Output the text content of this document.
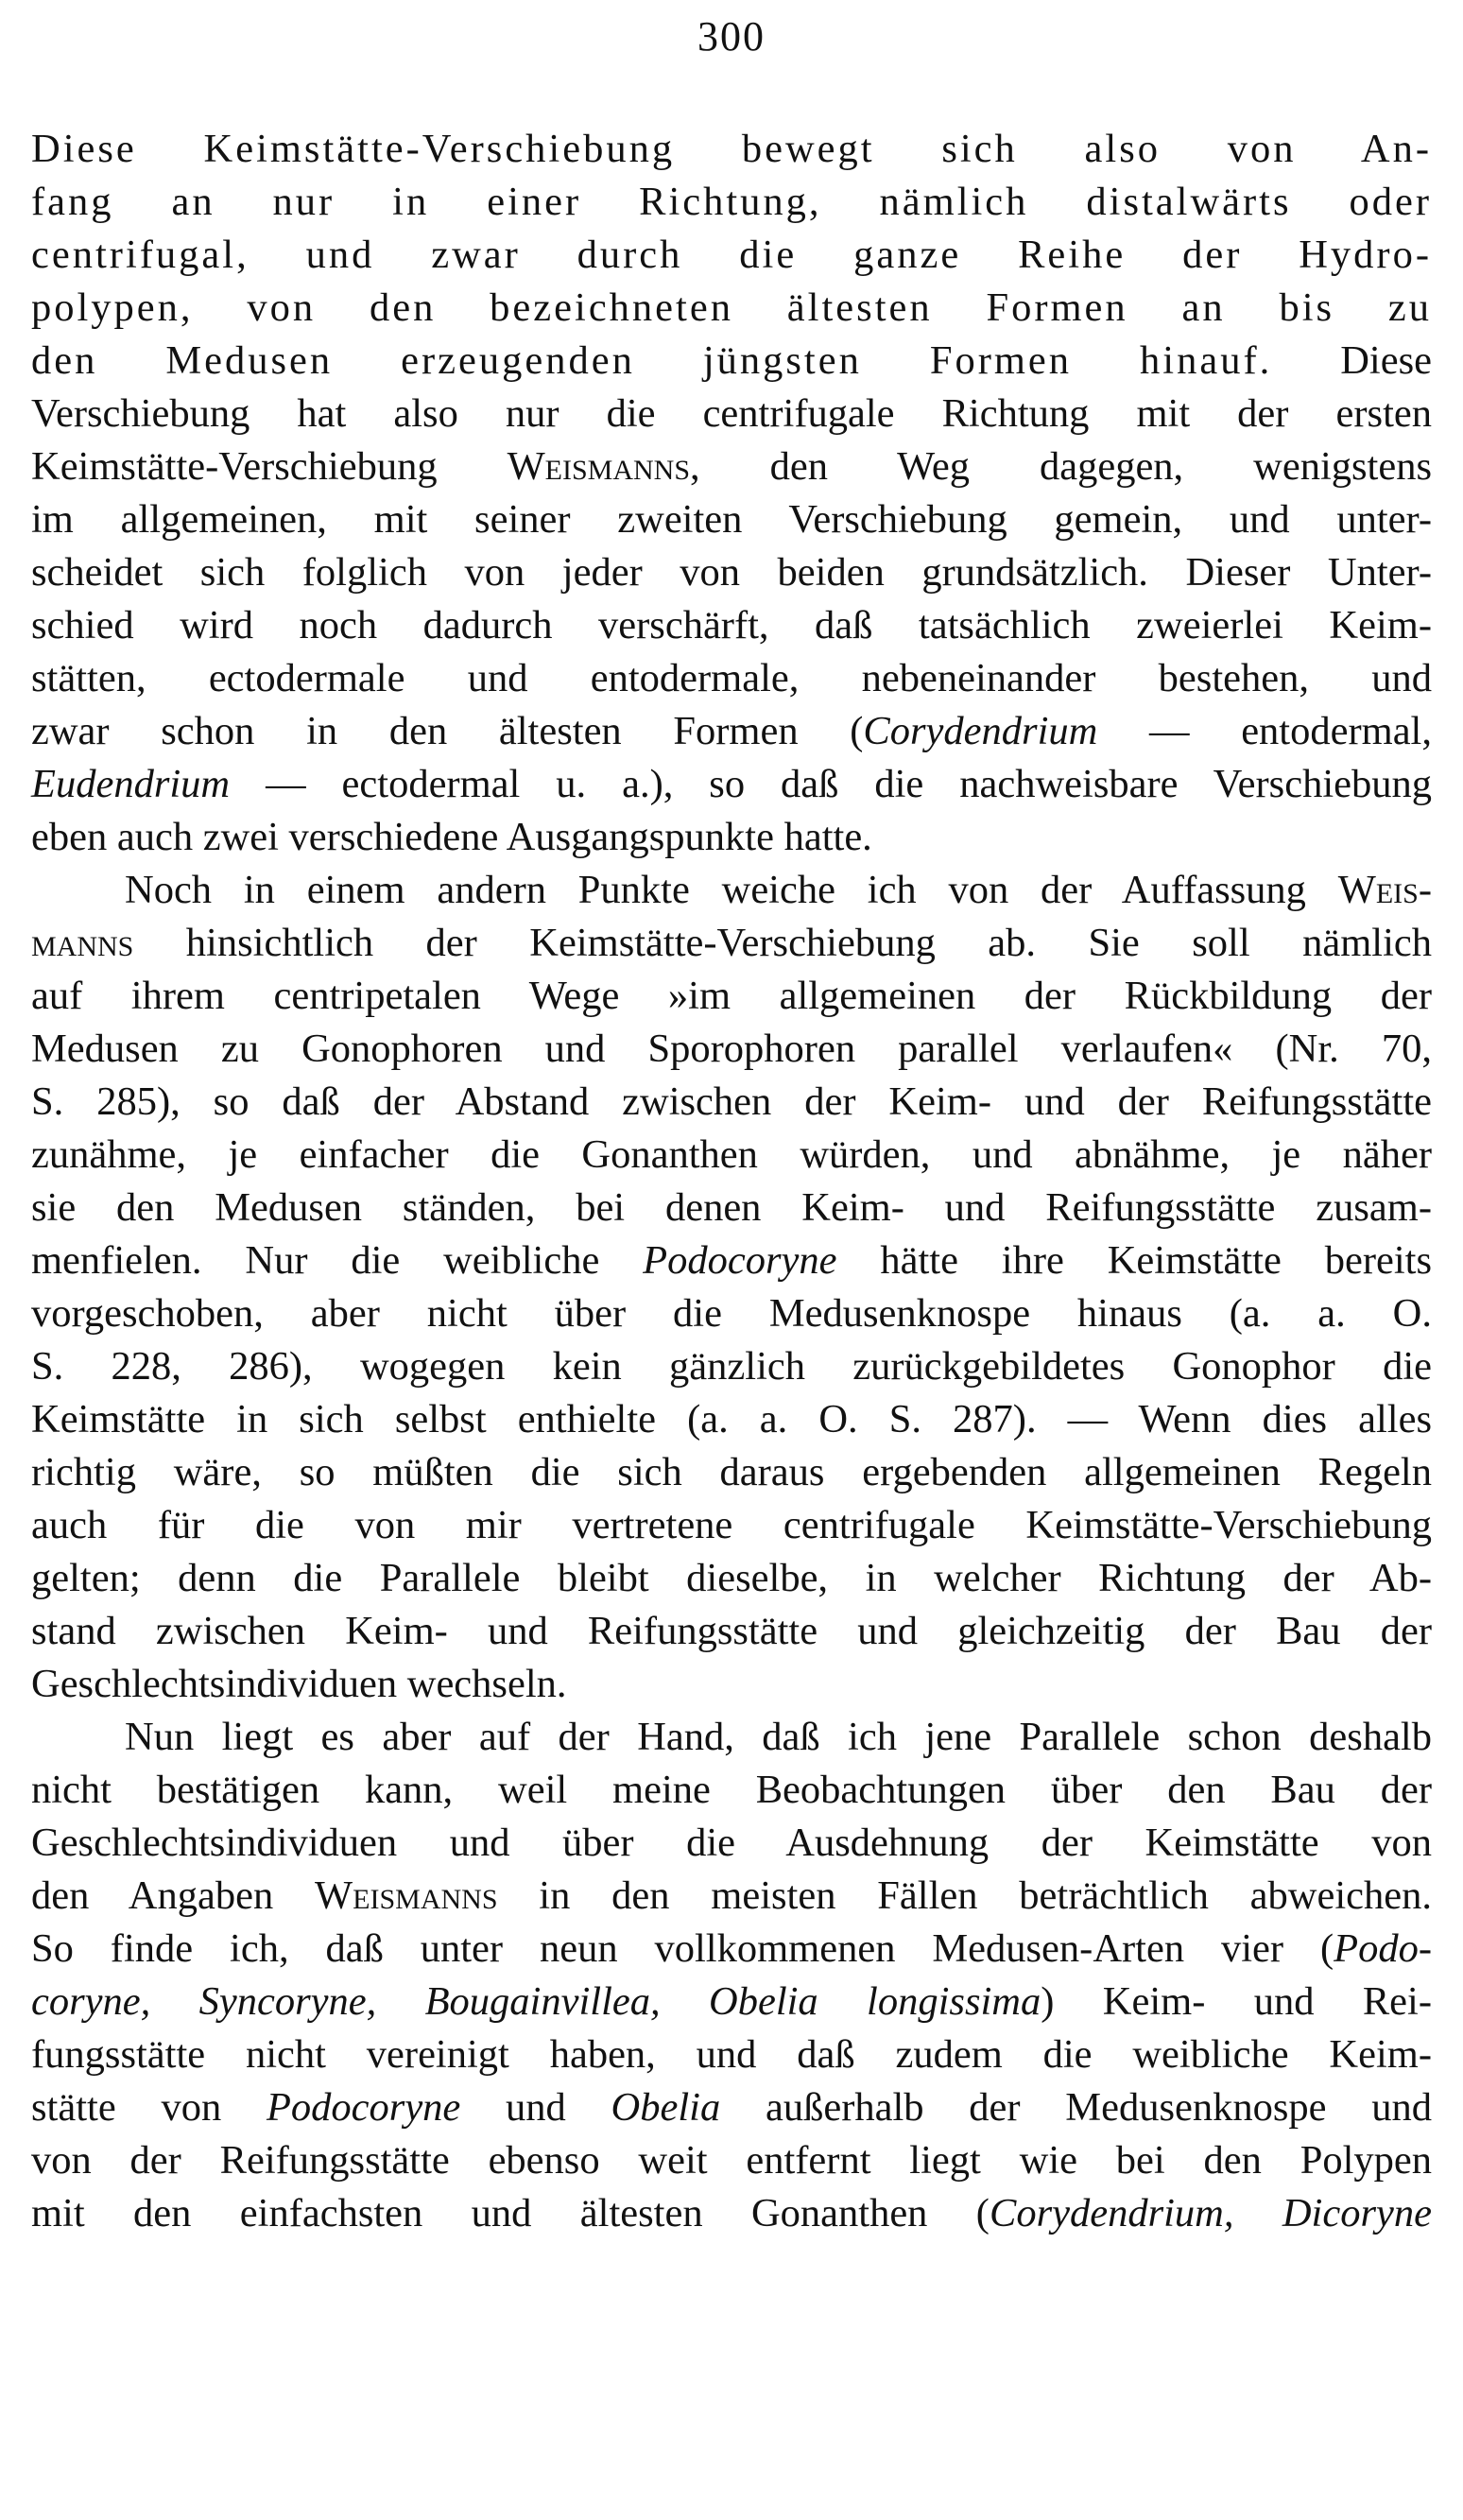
300
Diese Keimstätte-Verschiebung bewegt sich also von An-
fang an nur in einer Richtung, nämlich distalwärts oder
centrifugal, und zwar durch die ganze Reihe der Hydro-
polypen, von den bezeichneten ältesten Formen an bis zu
den Medusen erzeugenden jüngsten Formen hinauf. Diese
Verschiebung hat also nur die centrifugale Richtung mit der ersten
Keimstätte-Verschiebung Weismanns, den Weg dagegen, wenigstens
im allgemeinen, mit seiner zweiten Verschiebung gemein, und unter-
scheidet sich folglich von jeder von beiden grundsätzlich. Dieser Unter-
schied wird noch dadurch verschärft, daß tatsächlich zweierlei Keim-
stätten, ectodermale und entodermale, nebeneinander bestehen, und
zwar schon in den ältesten Formen (Corydendrium — entodermal,
Eudendrium — ectodermal u. a.), so daß die nachweisbare Verschiebung
eben auch zwei verschiedene Ausgangspunkte hatte.
Noch in einem andern Punkte weiche ich von der Auffassung Weis-
manns hinsichtlich der Keimstätte-Verschiebung ab. Sie soll nämlich
auf ihrem centripetalen Wege »im allgemeinen der Rückbildung der
Medusen zu Gonophoren und Sporophoren parallel verlaufen« (Nr. 70,
S. 285), so daß der Abstand zwischen der Keim- und der Reifungsstätte
zunähme, je einfacher die Gonanthen würden, und abnähme, je näher
sie den Medusen ständen, bei denen Keim- und Reifungsstätte zusam-
menfielen. Nur die weibliche Podocoryne hätte ihre Keimstätte bereits
vorgeschoben, aber nicht über die Medusenknospe hinaus (a. a. O.
S. 228, 286), wogegen kein gänzlich zurückgebildetes Gonophor die
Keimstätte in sich selbst enthielte (a. a. O. S. 287). — Wenn dies alles
richtig wäre, so müßten die sich daraus ergebenden allgemeinen Regeln
auch für die von mir vertretene centrifugale Keimstätte-Verschiebung
gelten; denn die Parallele bleibt dieselbe, in welcher Richtung der Ab-
stand zwischen Keim- und Reifungsstätte und gleichzeitig der Bau der
Geschlechtsindividuen wechseln.
Nun liegt es aber auf der Hand, daß ich jene Parallele schon deshalb
nicht bestätigen kann, weil meine Beobachtungen über den Bau der
Geschlechtsindividuen und über die Ausdehnung der Keimstätte von
den Angaben Weismanns in den meisten Fällen beträchtlich abweichen.
So finde ich, daß unter neun vollkommenen Medusen-Arten vier (Podo-
coryne, Syncoryne, Bougainvillea, Obelia longissima) Keim- und Rei-
fungsstätte nicht vereinigt haben, und daß zudem die weibliche Keim-
stätte von Podocoryne und Obelia außerhalb der Medusenknospe und
von der Reifungsstätte ebenso weit entfernt liegt wie bei den Polypen
mit den einfachsten und ältesten Gonanthen (Corydendrium, Dicoryne
